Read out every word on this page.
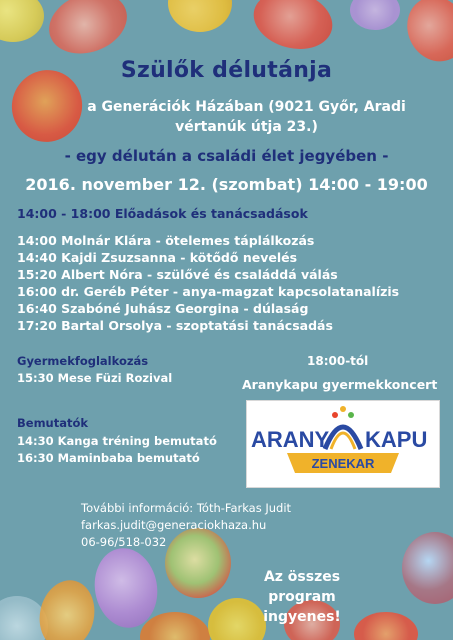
Szülők délutánja
a Generációk Házában (9021 Győr, Aradi
vértanúk útja 23.)
- egy délután a családi élet jegyében -
2016. november 12. (szombat) 14:00 - 19:00
14:00 - 18:00 Előadások és tanácsadások
14:00 Molnár Klára - ötelemes táplálkozás
14:40 Kajdi Zsuzsanna - kötődő nevelés
15:20 Albert Nóra - szülővé és családdá válás
16:00 dr. Geréb Péter - anya-magzat kapcsolatanalízis
16:40 Szabóné Juhász Georgina - dúlaság
17:20 Bartal Orsolya - szoptatási tanácsadás
Gyermekfoglalkozás
15:30 Mese Füzi Rozival
Bemutatók
14:30 Kanga tréning bemutató
16:30 Maminbaba bemutató
18:00-tól
Aranykapu gyermekkoncert
ARANY KAPU
ZENEKAR
További információ: Tóth-Farkas Judit
farkas.judit@generaciokhaza.hu
06-96/518-032
Az összes program
ingyenes!
